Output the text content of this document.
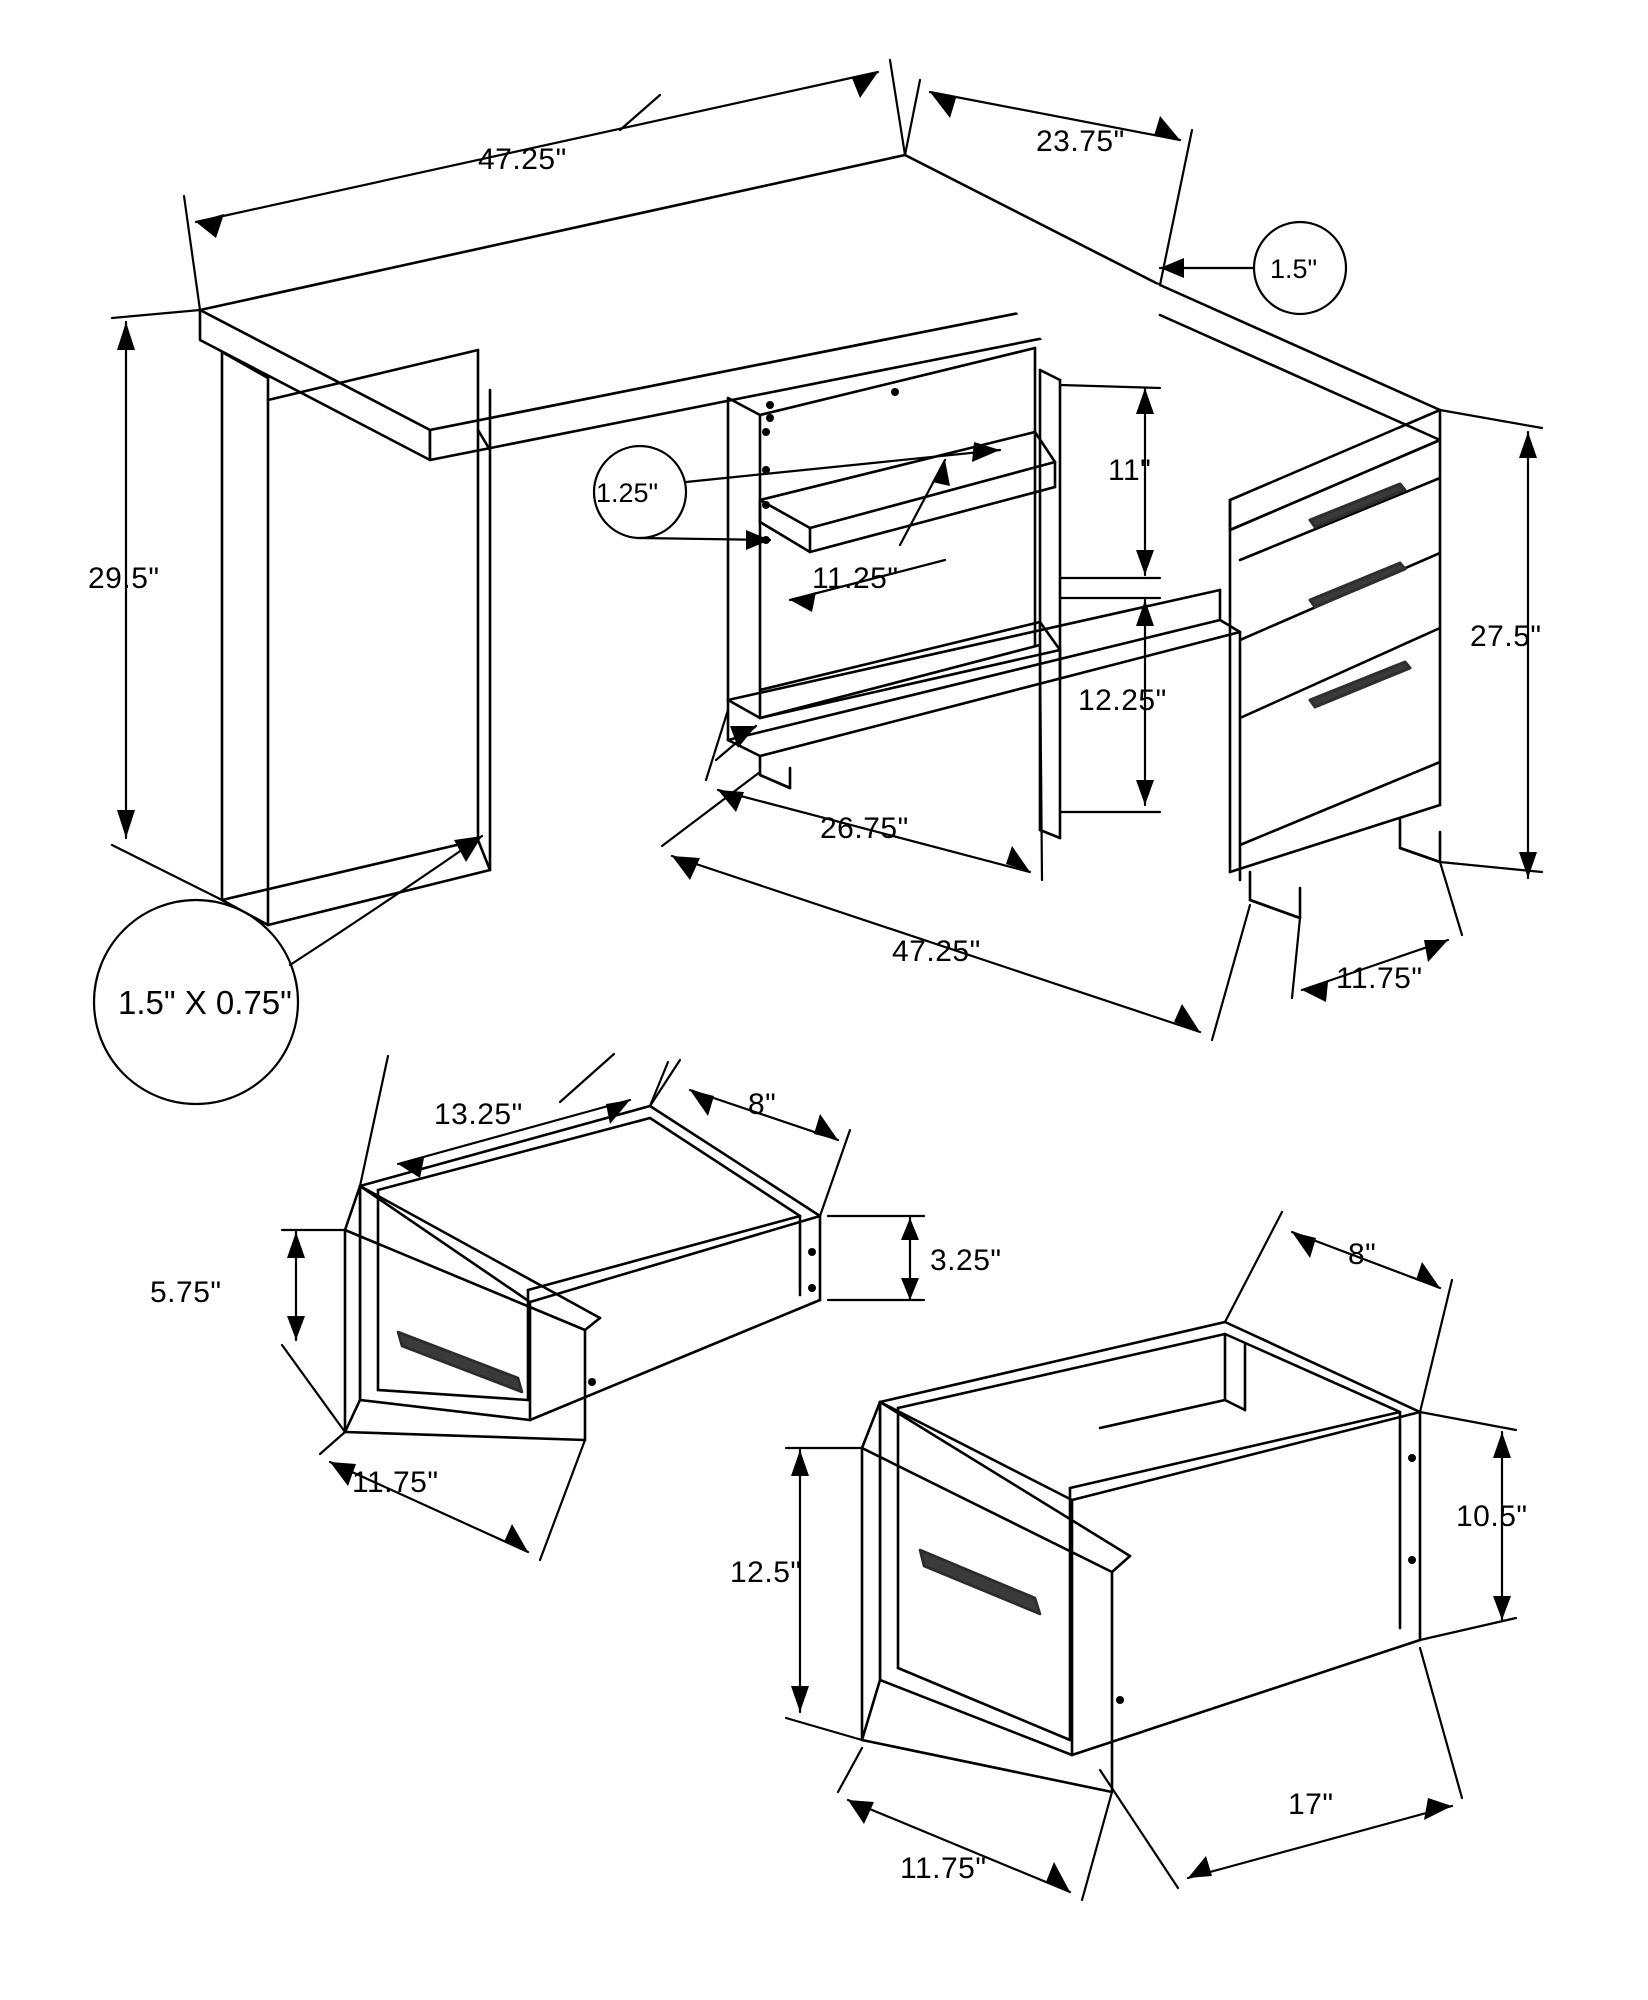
47.25"
23.75"
1.5"
29.5"
1.25"
11.25"
11"
12.25"
27.5"
26.75"
47.25"
11.75"
1.5" X 0.75"
13.25"	8"
5.75"
3.25"
11.75"
8"
10.5"
12.5"
11.75"
17"
